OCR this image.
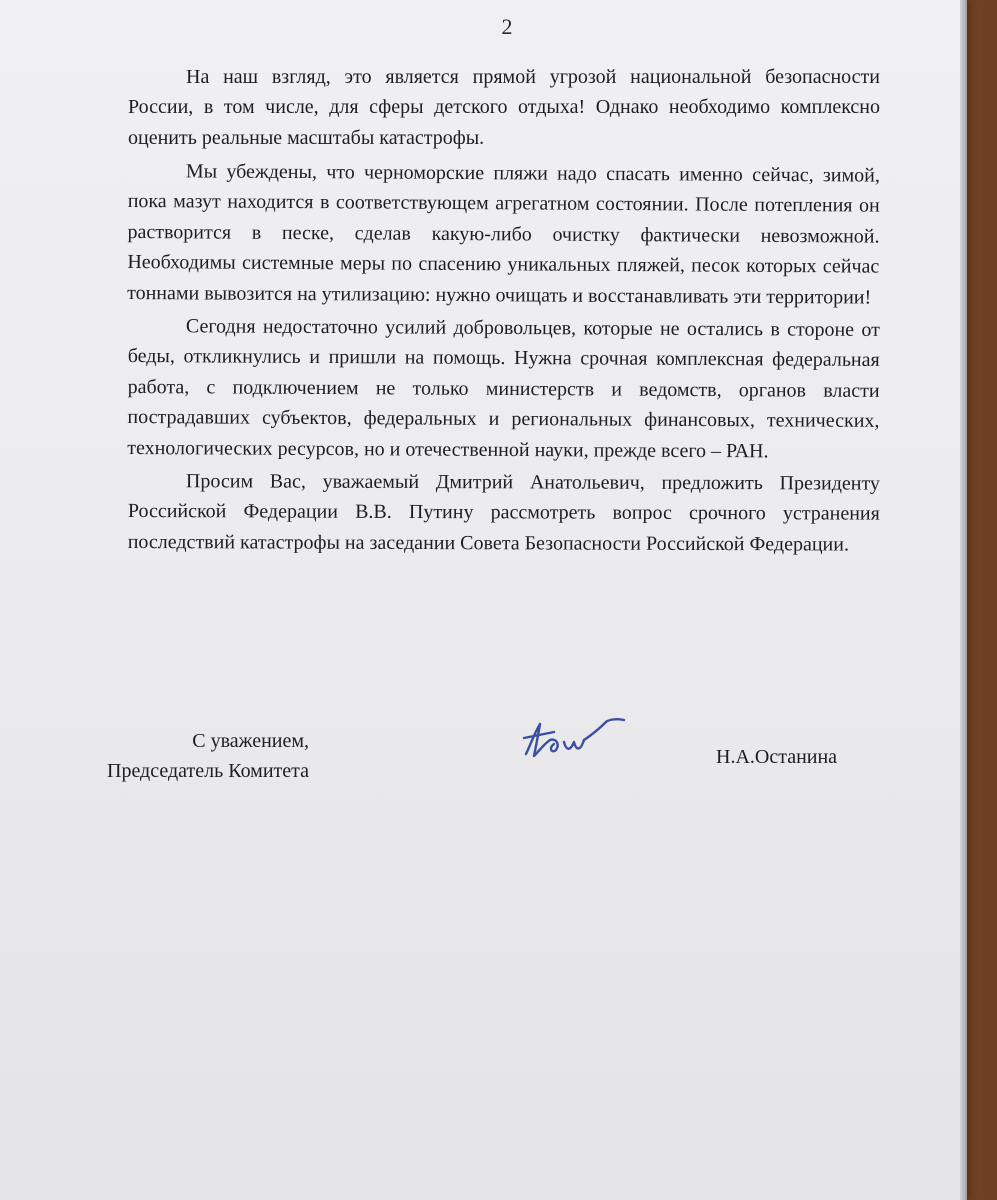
2

На наш взгляд, это является прямой угрозой национальной безопасности России, в том числе, для сферы детского отдыха! Однако необходимо комплексно оценить реальные масштабы катастрофы.

Мы убеждены, что черноморские пляжи надо спасать именно сейчас, зимой, пока мазут находится в соответствующем агрегатном состоянии. После потепления он растворится в песке, сделав какую-либо очистку фактически невозможной. Необходимы системные меры по спасению уникальных пляжей, песок которых сейчас тоннами вывозится на утилизацию: нужно очищать и восстанавливать эти территории!

Сегодня недостаточно усилий добровольцев, которые не остались в стороне от беды, откликнулись и пришли на помощь. Нужна срочная комплексная федеральная работа, с подключением не только министерств и ведомств, органов власти пострадавших субъектов, федеральных и региональных финансовых, технических, технологических ресурсов, но и отечественной науки, прежде всего – РАН.

Просим Вас, уважаемый Дмитрий Анатольевич, предложить Президенту Российской Федерации В.В. Путину рассмотреть вопрос срочного устранения последствий катастрофы на заседании Совета Безопасности Российской Федерации.

С уважением,
Председатель Комитета

Н.А.Останина
